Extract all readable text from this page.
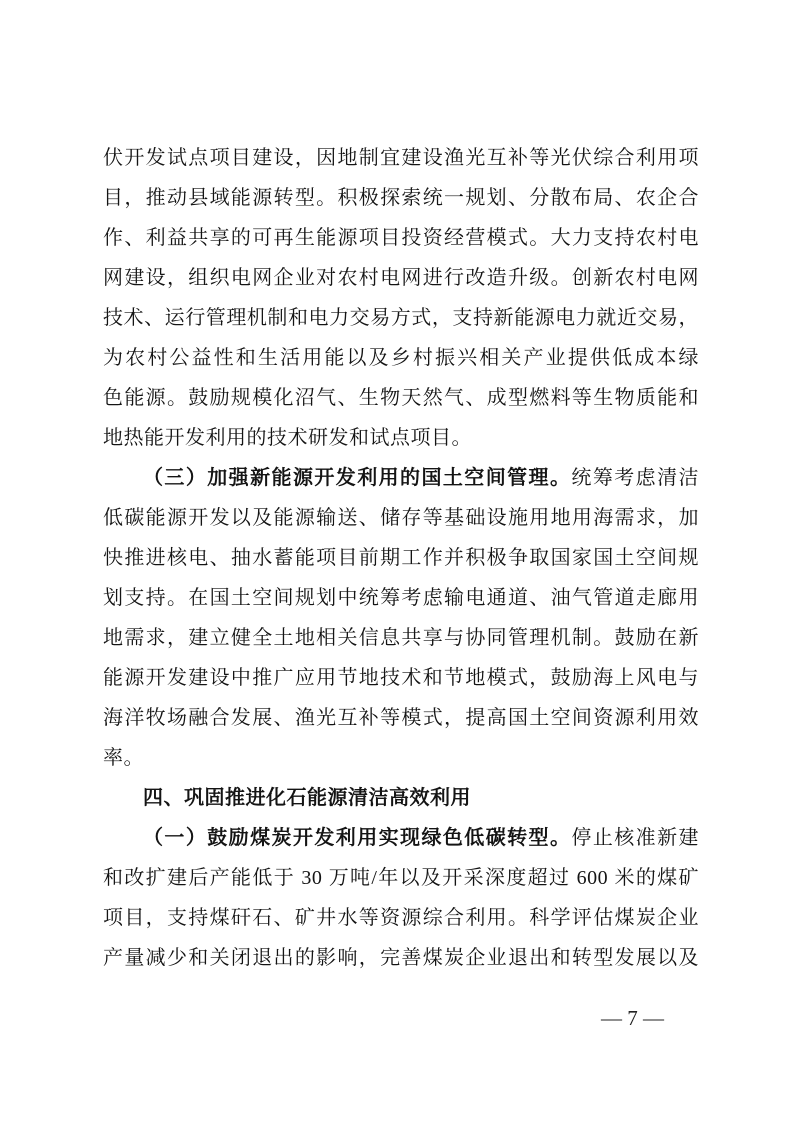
伏开发试点项目建设，因地制宜建设渔光互补等光伏综合利用项
目，推动县域能源转型。积极探索统一规划、分散布局、农企合
作、利益共享的可再生能源项目投资经营模式。大力支持农村电
网建设，组织电网企业对农村电网进行改造升级。创新农村电网
技术、运行管理机制和电力交易方式，支持新能源电力就近交易，
为农村公益性和生活用能以及乡村振兴相关产业提供低成本绿
色能源。鼓励规模化沼气、生物天然气、成型燃料等生物质能和
地热能开发利用的技术研发和试点项目。
（三）加强新能源开发利用的国土空间管理。统筹考虑清洁
低碳能源开发以及能源输送、储存等基础设施用地用海需求，加
快推进核电、抽水蓄能项目前期工作并积极争取国家国土空间规
划支持。在国土空间规划中统筹考虑输电通道、油气管道走廊用
地需求，建立健全土地相关信息共享与协同管理机制。鼓励在新
能源开发建设中推广应用节地技术和节地模式，鼓励海上风电与
海洋牧场融合发展、渔光互补等模式，提高国土空间资源利用效
率。
四、巩固推进化石能源清洁高效利用
（一）鼓励煤炭开发利用实现绿色低碳转型。停止核准新建
和改扩建后产能低于 30 万吨/年以及开采深度超过 600 米的煤矿
项目，支持煤矸石、矿井水等资源综合利用。科学评估煤炭企业
产量减少和关闭退出的影响，完善煤炭企业退出和转型发展以及
— 7 —
